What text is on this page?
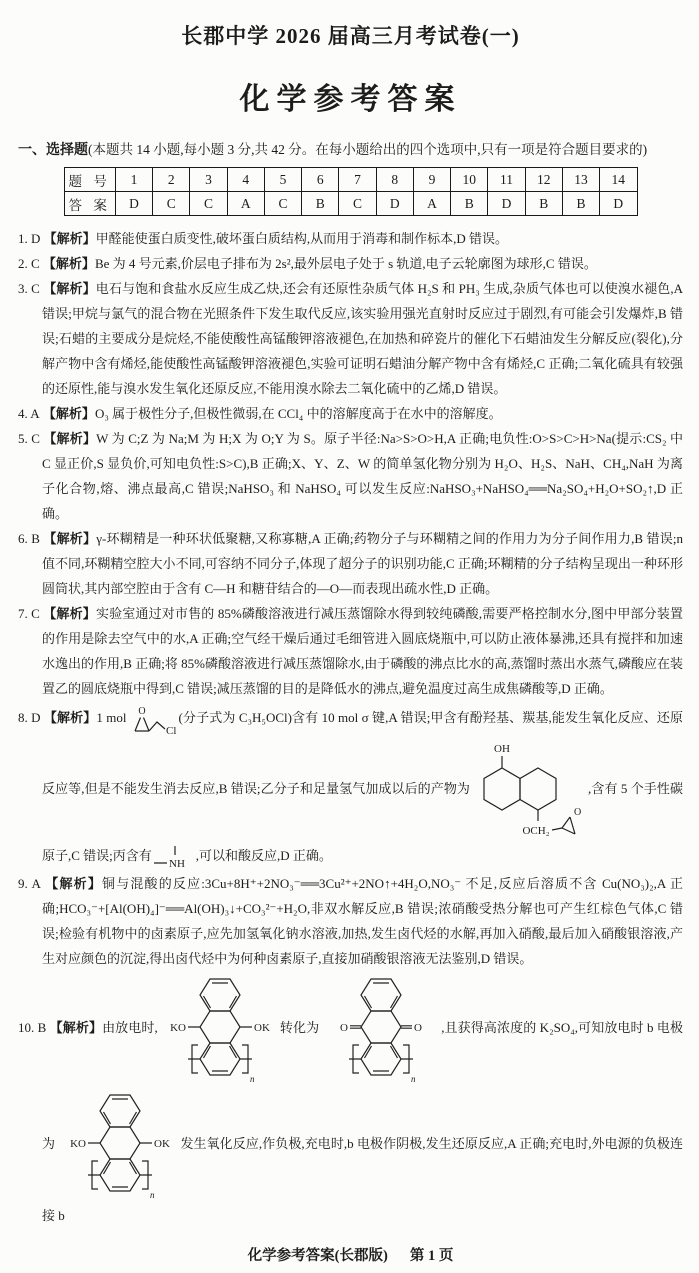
长郡中学 2026 届高三月考试卷(一)
化学参考答案
一、选择题(本题共 14 小题,每小题 3 分,共 42 分。在每小题给出的四个选项中,只有一项是符合题目要求的)
题 号	1	2	3	4	5	6	7	8	9	10	11	12	13	14
答 案	D	C	C	A	C	B	C	D	A	B	D	B	B	D

1. D 【解析】甲醛能使蛋白质变性,破坏蛋白质结构,从而用于消毒和制作标本,D 错误。

2. C 【解析】Be 为 4 号元素,价层电子排布为 2s²,最外层电子处于 s 轨道,电子云轮廓图为球形,C 错误。

3. C 【解析】电石与饱和食盐水反应生成乙炔,还会有还原性杂质气体 H₂S 和 PH₃ 生成,杂质气体也可以使溴水褪色,A 错误;甲烷与氯气的混合物在光照条件下发生取代反应,该实验用强光直射时反应过于剧烈,有可能会引发爆炸,B 错误;石蜡的主要成分是烷烃,不能使酸性高锰酸钾溶液褪色,在加热和碎瓷片的催化下石蜡油发生分解反应(裂化),分解产物中含有烯烃,能使酸性高锰酸钾溶液褪色,实验可证明石蜡油分解产物中含有烯烃,C 正确;二氧化硫具有较强的还原性,能与溴水发生氧化还原反应,不能用溴水除去二氧化硫中的乙烯,D 错误。

4. A 【解析】O₃ 属于极性分子,但极性微弱,在 CCl₄ 中的溶解度高于在水中的溶解度。

5. C 【解析】W 为 C;Z 为 Na;M 为 H;X 为 O;Y 为 S。原子半径:Na>S>O>H,A 正确;电负性:O>S>C>H>Na(提示:CS₂ 中 C 显正价,S 显负价,可知电负性:S>C),B 正确;X、Y、Z、W 的简单氢化物分别为 H₂O、H₂S、NaH、CH₄,NaH 为离子化合物,熔、沸点最高,C 错误;NaHSO₃ 和 NaHSO₄ 可以发生反应:NaHSO₃+NaHSO₄══Na₂SO₄+H₂O+SO₂↑,D 正确。

6. B 【解析】γ-环糊精是一种环状低聚糖,又称寡糖,A 正确;药物分子与环糊精之间的作用力为分子间作用力,B 错误;n 值不同,环糊精空腔大小不同,可容纳不同分子,体现了超分子的识别功能,C 正确;环糊精的分子结构呈现出一种环形圆筒状,其内部空腔由于含有 C—H 和糖苷结合的—O—而表现出疏水性,D 正确。

7. C 【解析】实验室通过对市售的 85%磷酸溶液进行减压蒸馏除水得到较纯磷酸,需要严格控制水分,图中甲部分装置的作用是除去空气中的水,A 正确;空气经干燥后通过毛细管进入圆底烧瓶中,可以防止液体暴沸,还具有搅拌和加速水逸出的作用,B 正确;将 85%磷酸溶液进行减压蒸馏除水,由于磷酸的沸点比水的高,蒸馏时蒸出水蒸气,磷酸应在装置乙的圆底烧瓶中得到,C 错误;减压蒸馏的目的是降低水的沸点,避免温度过高生成焦磷酸等,D 正确。

8. D 【解析】1 mol O
Cl
(分子式为 C₃H₅OCl)含有 10 mol σ 键,A 错误;甲含有酚羟基、羰基,能发生氧化反应、还原反应等,但是不能发生消去反应,B 错误;乙分子和足量氢气加成以后的产物为
OH
OCH₂
O
,含有 5 个手性碳原子,C 错误;丙含有
NH
,可以和酸反应,D 正确。

9. A 【解析】铜与混酸的反应:3Cu+8H⁺+2NO₃⁻══3Cu²⁺+2NO↑+4H₂O,NO₃⁻ 不足,反应后溶质不含 Cu(NO₃)₂,A 正确;HCO₃⁻+[Al(OH)₄]⁻══Al(OH)₃↓+CO₃²⁻+H₂O,非双水解反应,B 错误;浓硝酸受热分解也可产生红棕色气体,C 错误;检验有机物中的卤素原子,应先加氢氧化钠水溶液,加热,发生卤代烃的水解,再加入硝酸,最后加入硝酸银溶液,产生对应颜色的沉淀,得出卤代烃中为何种卤素原子,直接加硝酸银溶液无法鉴别,D 错误。

10. B 【解析】由放电时, KO	OK
n
转化为 O	O
n
,且获得高浓度的 K₂SO₄,可知放电时 b 电极为 KO	OK
n
发生氧化反应,作负极,充电时,b 电极作阴极,发生还原反应,A 正确;充电时,外电源的负极连接 b

化学参考答案(长郡版) 第 1 页
